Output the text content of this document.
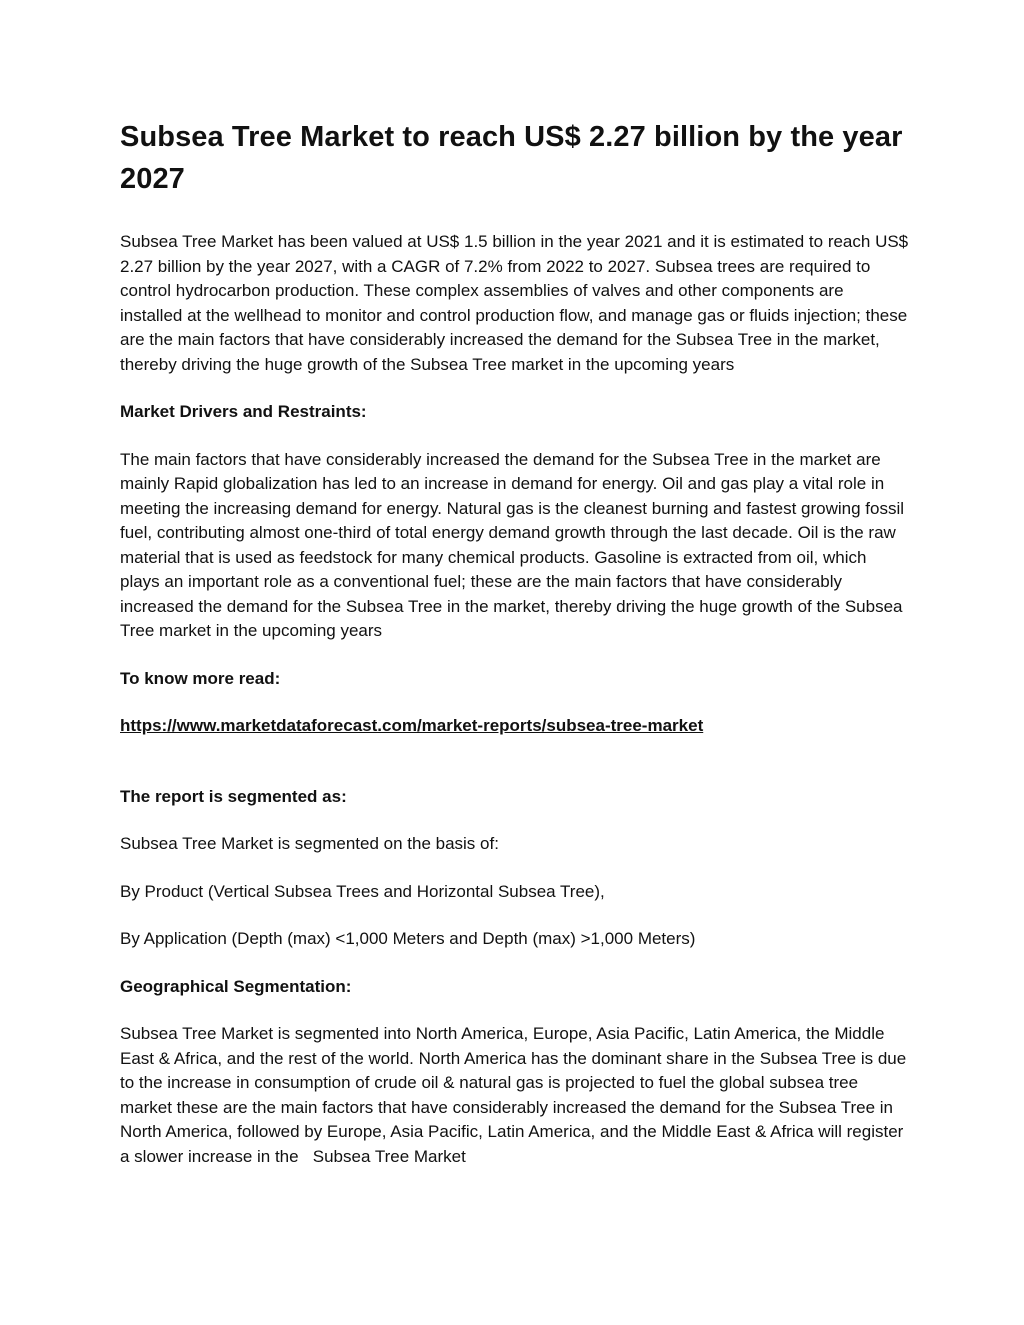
Subsea Tree Market to reach US$ 2.27 billion by the year 2027

Subsea Tree Market has been valued at US$ 1.5 billion in the year 2021 and it is estimated to reach US$ 2.27 billion by the year 2027, with a CAGR of 7.2% from 2022 to 2027. Subsea trees are required to control hydrocarbon production. These complex assemblies of valves and other components are installed at the wellhead to monitor and control production flow, and manage gas or fluids injection; these are the main factors that have considerably increased the demand for the Subsea Tree in the market, thereby driving the huge growth of the Subsea Tree market in the upcoming years

Market Drivers and Restraints:

The main factors that have considerably increased the demand for the Subsea Tree in the market are mainly Rapid globalization has led to an increase in demand for energy. Oil and gas play a vital role in meeting the increasing demand for energy. Natural gas is the cleanest burning and fastest growing fossil fuel, contributing almost one-third of total energy demand growth through the last decade. Oil is the raw material that is used as feedstock for many chemical products. Gasoline is extracted from oil, which plays an important role as a conventional fuel; these are the main factors that have considerably increased the demand for the Subsea Tree in the market, thereby driving the huge growth of the Subsea Tree market in the upcoming years

To know more read:

https://www.marketdataforecast.com/market-reports/subsea-tree-market

The report is segmented as:

Subsea Tree Market is segmented on the basis of:

By Product (Vertical Subsea Trees and Horizontal Subsea Tree),

By Application (Depth (max) <1,000 Meters and Depth (max) >1,000 Meters)

Geographical Segmentation:

Subsea Tree Market is segmented into North America, Europe, Asia Pacific, Latin America, the Middle East & Africa, and the rest of the world. North America has the dominant share in the Subsea Tree is due to the increase in consumption of crude oil & natural gas is projected to fuel the global subsea tree market these are the main factors that have considerably increased the demand for the Subsea Tree in North America, followed by Europe, Asia Pacific, Latin America, and the Middle East & Africa will register a slower increase in the   Subsea Tree Market
